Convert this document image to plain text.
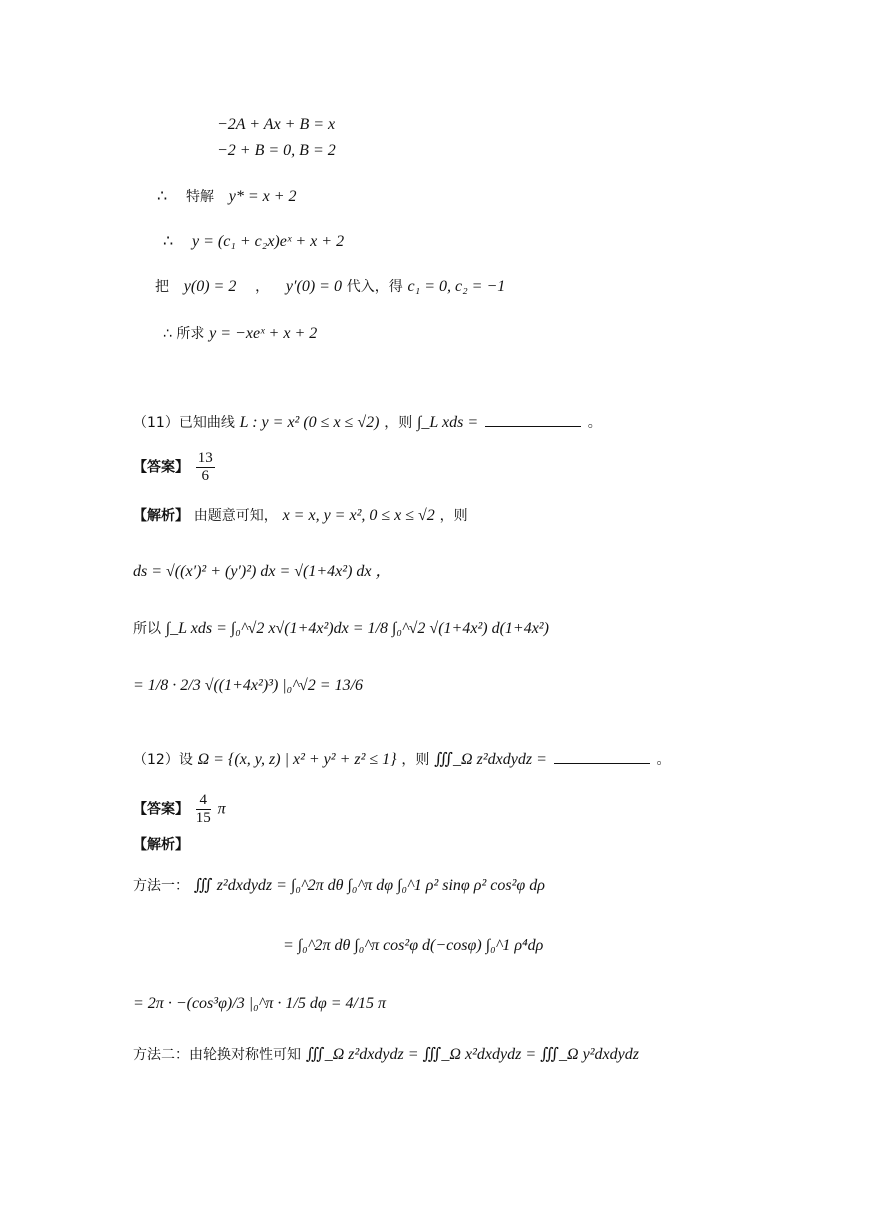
−2A + Ax + B = x
−2 + B = 0, B = 2
∴ 特解 y* = x + 2
∴ y = (c₁ + c₂x)eˣ + x + 2
把 y(0) = 2 ， y′(0) = 0 代入，得 c₁ = 0, c₂ = −1
∴ 所求 y = −xeˣ + x + 2
（11）已知曲线 L : y = x² (0 ≤ x ≤ √2) ，则 ∫_L xds =	。
【答案】 $\frac{13}{6}$
【解析】 由题意可知， x = x, y = x², 0 ≤ x ≤ √2 ，则
ds = √((x′)² + (y′)²) dx = √(1+4x²) dx ，
所以 ∫_L xds = ∫₀^√2 x√(1+4x²)dx = 1/8 ∫₀^√2 √(1+4x²) d(1+4x²)
= 1/8 · 2/3 √((1+4x²)³) |₀^√2 = 13/6
（12）设 Ω = {(x, y, z) | x² + y² + z² ≤ 1} ，则 ∭_Ω z²dxdydz =	。
【答案】 $\frac{4}{15}$ π
【解析】
方法一： ∭ z²dxdydz = ∫₀^2π dθ ∫₀^π dφ ∫₀^1 ρ² sinφ ρ² cos²φ dρ
= ∫₀^2π dθ ∫₀^π cos²φ d(−cosφ) ∫₀^1 ρ⁴dρ
= 2π · −(cos³φ)/3 |₀^π · 1/5 dφ = 4/15 π
方法二：由轮换对称性可知 ∭_Ω z²dxdydz = ∭_Ω x²dxdydz = ∭_Ω y²dxdydz
